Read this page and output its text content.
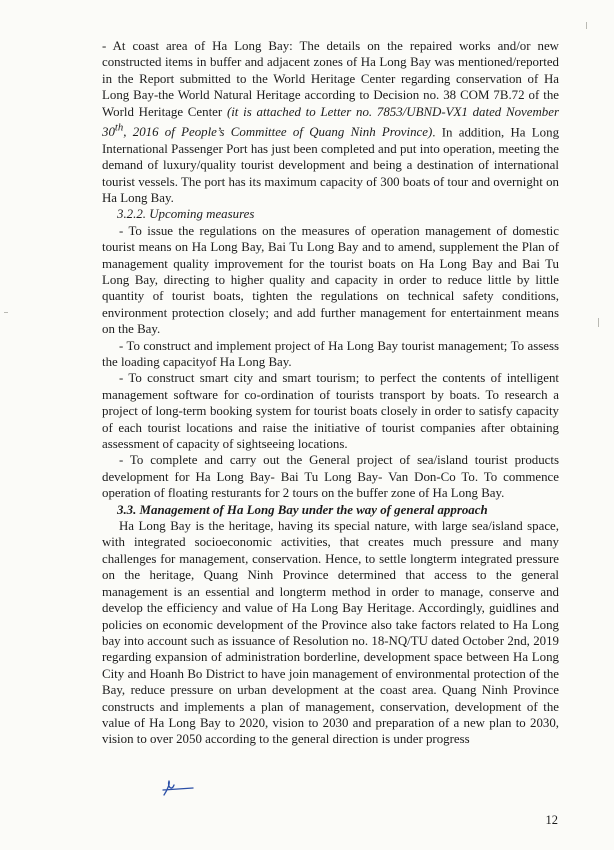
- At coast area of Ha Long Bay: The details on the repaired works and/or new constructed items in buffer and adjacent zones of Ha Long Bay was mentioned/reported in the Report submitted to the World Heritage Center regarding conservation of Ha Long Bay-the World Natural Heritage according to Decision no. 38 COM 7B.72 of the World Heritage Center (it is attached to Letter no. 7853/UBND-VX1 dated November 30th, 2016 of People’s Committee of Quang Ninh Province). In addition, Ha Long International Passenger Port has just been completed and put into operation, meeting the demand of luxury/quality tourist development and being a destination of international tourist vessels. The port has its maximum capacity of 300 boats of tour and overnight on Ha Long Bay.

3.2.2. Upcoming measures

- To issue the regulations on the measures of operation management of domestic tourist means on Ha Long Bay, Bai Tu Long Bay and to amend, supplement the Plan of management quality improvement for the tourist boats on Ha Long Bay and Bai Tu Long Bay, directing to higher quality and capacity in order to reduce little by little quantity of tourist boats, tighten the regulations on technical safety conditions, environment protection closely; and add further management for entertainment means on the Bay.

- To construct and implement project of Ha Long Bay tourist management; To assess the loading capacityof Ha Long Bay.

- To construct smart city and smart tourism; to perfect the contents of intelligent management software for co-ordination of tourists transport by boats. To research a project of long-term booking system for tourist boats closely in order to satisfy capacity of each tourist locations and raise the initiative of tourist companies after obtaining assessment of capacity of sightseeing locations.

- To complete and carry out the General project of sea/island tourist products development for Ha Long Bay- Bai Tu Long Bay- Van Don-Co To. To commence operation of floating resturants for 2 tours on the buffer zone of Ha Long Bay.

3.3. Management of Ha Long Bay under the way of general approach

Ha Long Bay is the heritage, having its special nature, with large sea/island space, with integrated socioeconomic activities, that creates much pressure and many challenges for management, conservation. Hence, to settle longterm integrated pressure on the heritage, Quang Ninh Province determined that access to the general management is an essential and longterm method in order to manage, conserve and develop the efficiency and value of Ha Long Bay Heritage. Accordingly, guidlines and policies on economic development of the Province also take factors related to Ha Long bay into account such as issuance of Resolution no. 18-NQ/TU dated October 2nd, 2019 regarding expansion of administration borderline, development space between Ha Long City and Hoanh Bo District to have join management of environmental protection of the Bay, reduce pressure on urban development at the coast area. Quang Ninh Province constructs and implements a plan of management, conservation, development of the value of Ha Long Bay to 2020, vision to 2030 and preparation of a new plan to 2030, vision to over 2050 according to the general direction is under progress

12
